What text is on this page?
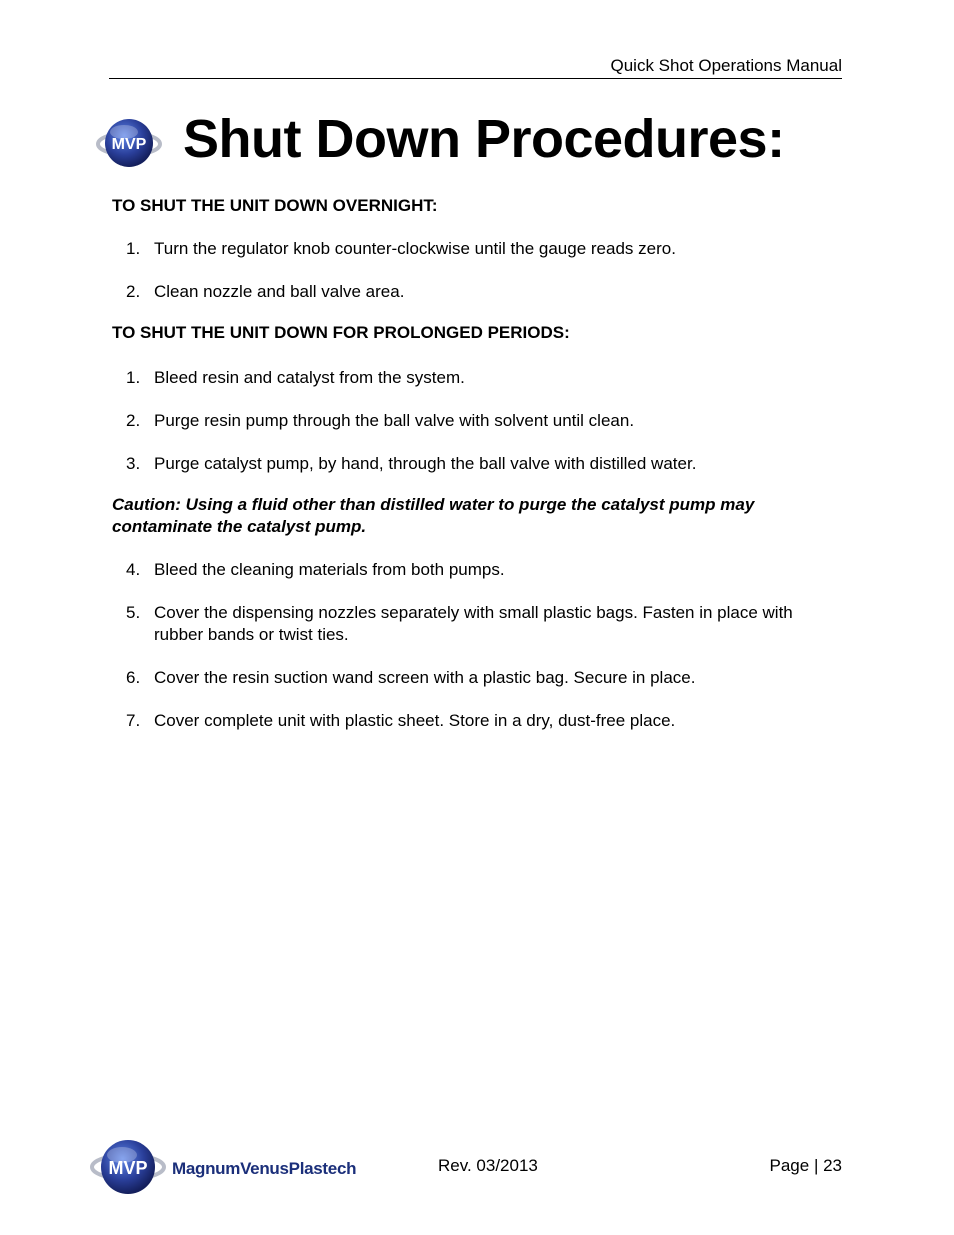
Quick Shot Operations Manual
MVP Shut Down Procedures:
TO SHUT THE UNIT DOWN OVERNIGHT:
1. Turn the regulator knob counter-clockwise until the gauge reads zero.
2. Clean nozzle and ball valve area.
TO SHUT THE UNIT DOWN FOR PROLONGED PERIODS:
1. Bleed resin and catalyst from the system.
2. Purge resin pump through the ball valve with solvent until clean.
3. Purge catalyst pump, by hand, through the ball valve with distilled water.
Caution: Using a fluid other than distilled water to purge the catalyst pump may contaminate the catalyst pump.
4. Bleed the cleaning materials from both pumps.
5. Cover the dispensing nozzles separately with small plastic bags. Fasten in place with rubber bands or twist ties.
6. Cover the resin suction wand screen with a plastic bag. Secure in place.
7. Cover complete unit with plastic sheet. Store in a dry, dust-free place.
MVP MagnumVenusPlastech	Rev. 03/2013	Page | 23
